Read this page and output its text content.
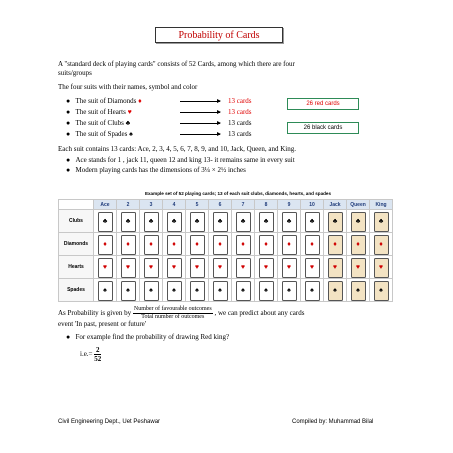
Probability of Cards
A "standard deck of playing cards" consists of 52 Cards, among which there are four
suits/groups
The four suits with their names, symbol and color
● The suit of Diamonds ♦	13 cards
● The suit of Hearts ♥	13 cards
● The suit of Clubs ♣	13 cards
● The suit of Spades ♠	13 cards
26 red cards
26 black cards
Each suit contains 13 cards: Ace, 2, 3, 4, 5, 6, 7, 8, 9, and 10, Jack, Queen, and King.
● Ace stands for 1 , jack 11, queen 12 and king 13- it remains same in every suit
● Modern playing cards has the dimensions of 3¼ × 2½ inches
Example set of 52 playing cards; 13 of each suit clubs, diamonds, hearts, and spades
	Ace	2	3	4	5	6	7	8	9	10	Jack	Queen	King
Clubs	♣	♣	♣	♣	♣	♣	♣	♣	♣	♣	♣	♣	♣
Diamonds	♦	♦	♦	♦	♦	♦	♦	♦	♦	♦	♦	♦	♦
Hearts	♥	♥	♥	♥	♥	♥	♥	♥	♥	♥	♥	♥	♥
Spades	♠	♠	♠	♠	♠	♠	♠	♠	♠	♠	♠	♠	♠
As Probability is given by $\frac{\text{Number of favourable outcomes}}{\text{Total number of outcomes}}$ , we can predict about any cards
event 'In past, present or future'
● For example find the probability of drawing Red king?
$i.e.= \frac{2}{52}$
Civil Engineering Dept., Uet Peshawar	Compiled by: Muhammad Bilal
